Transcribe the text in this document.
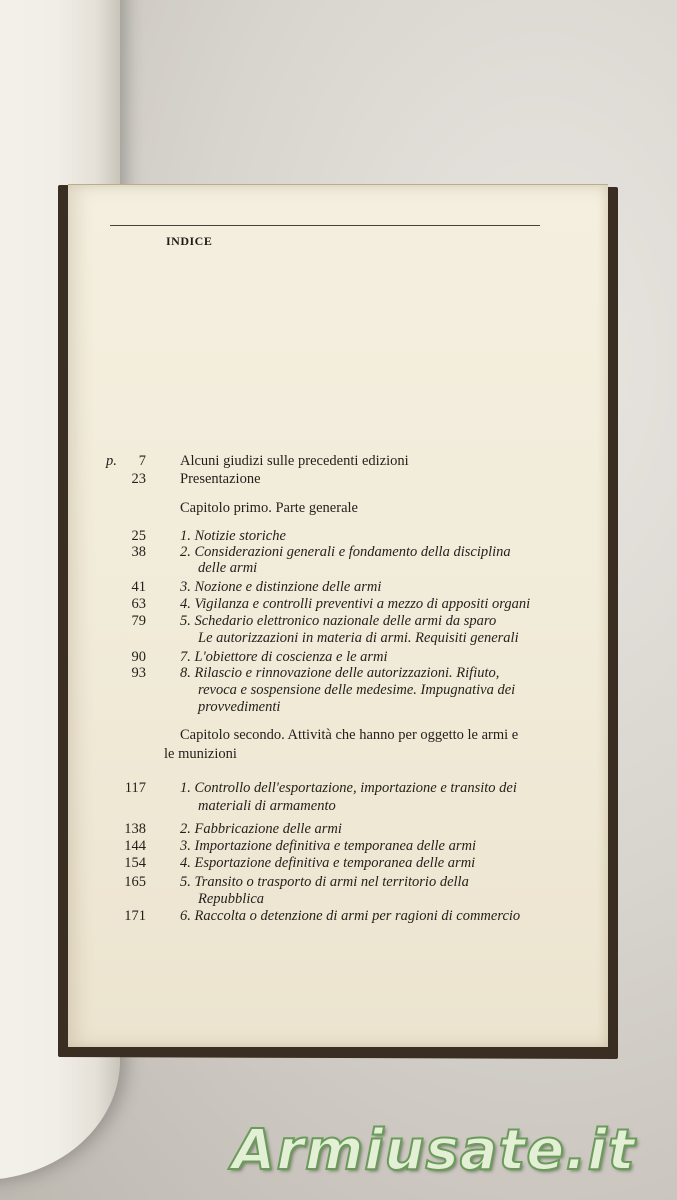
INDICE
p.	7 Alcuni giudizi sulle precedenti edizioni
23 Presentazione
Capitolo primo. Parte generale
25 1. Notizie storiche
38 2. Considerazioni generali e fondamento della disciplina
delle armi
41 3. Nozione e distinzione delle armi
63 4. Vigilanza e controlli preventivi a mezzo di appositi organi
79 5. Schedario elettronico nazionale delle armi da sparo
Le autorizzazioni in materia di armi. Requisiti generali
90 7. L'obiettore di coscienza e le armi
93 8. Rilascio e rinnovazione delle autorizzazioni. Rifiuto,
revoca e sospensione delle medesime. Impugnativa dei
provvedimenti
Capitolo secondo. Attività che hanno per oggetto le armi e
le munizioni
117 1. Controllo dell'esportazione, importazione e transito dei
materiali di armamento
138 2. Fabbricazione delle armi
144 3. Importazione definitiva e temporanea delle armi
154 4. Esportazione definitiva e temporanea delle armi
165 5. Transito o trasporto di armi nel territorio della
Repubblica
171 6. Raccolta o detenzione di armi per ragioni di commercio
Armiusate.it
